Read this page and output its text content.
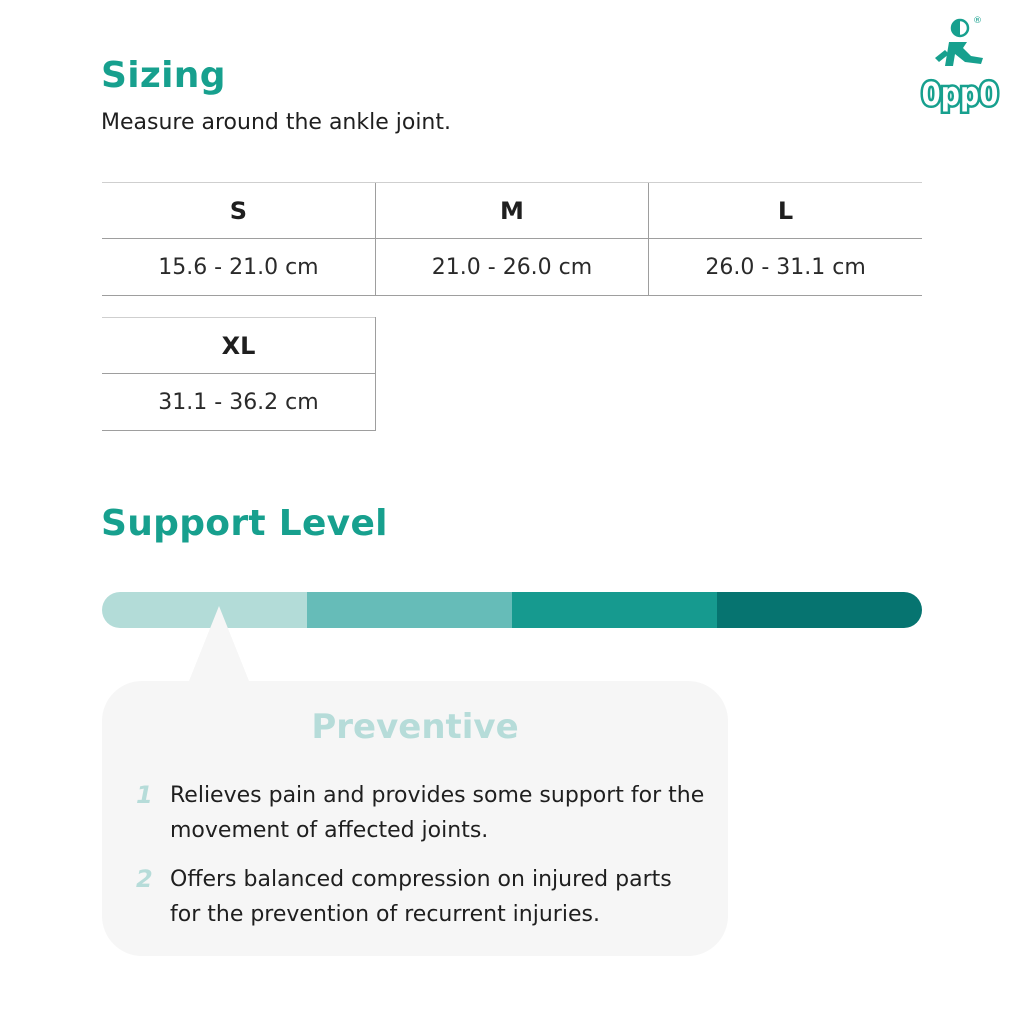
Sizing
Measure around the ankle joint.
®
OppO
S	M	L
15.6 - 21.0 cm	21.0 - 26.0 cm	26.0 - 31.1 cm
XL
31.1 - 36.2 cm
Support Level
Preventive
1 Relieves pain and provides some support for the movement of affected joints.
2 Offers balanced compression on injured parts for the prevention of recurrent injuries.
